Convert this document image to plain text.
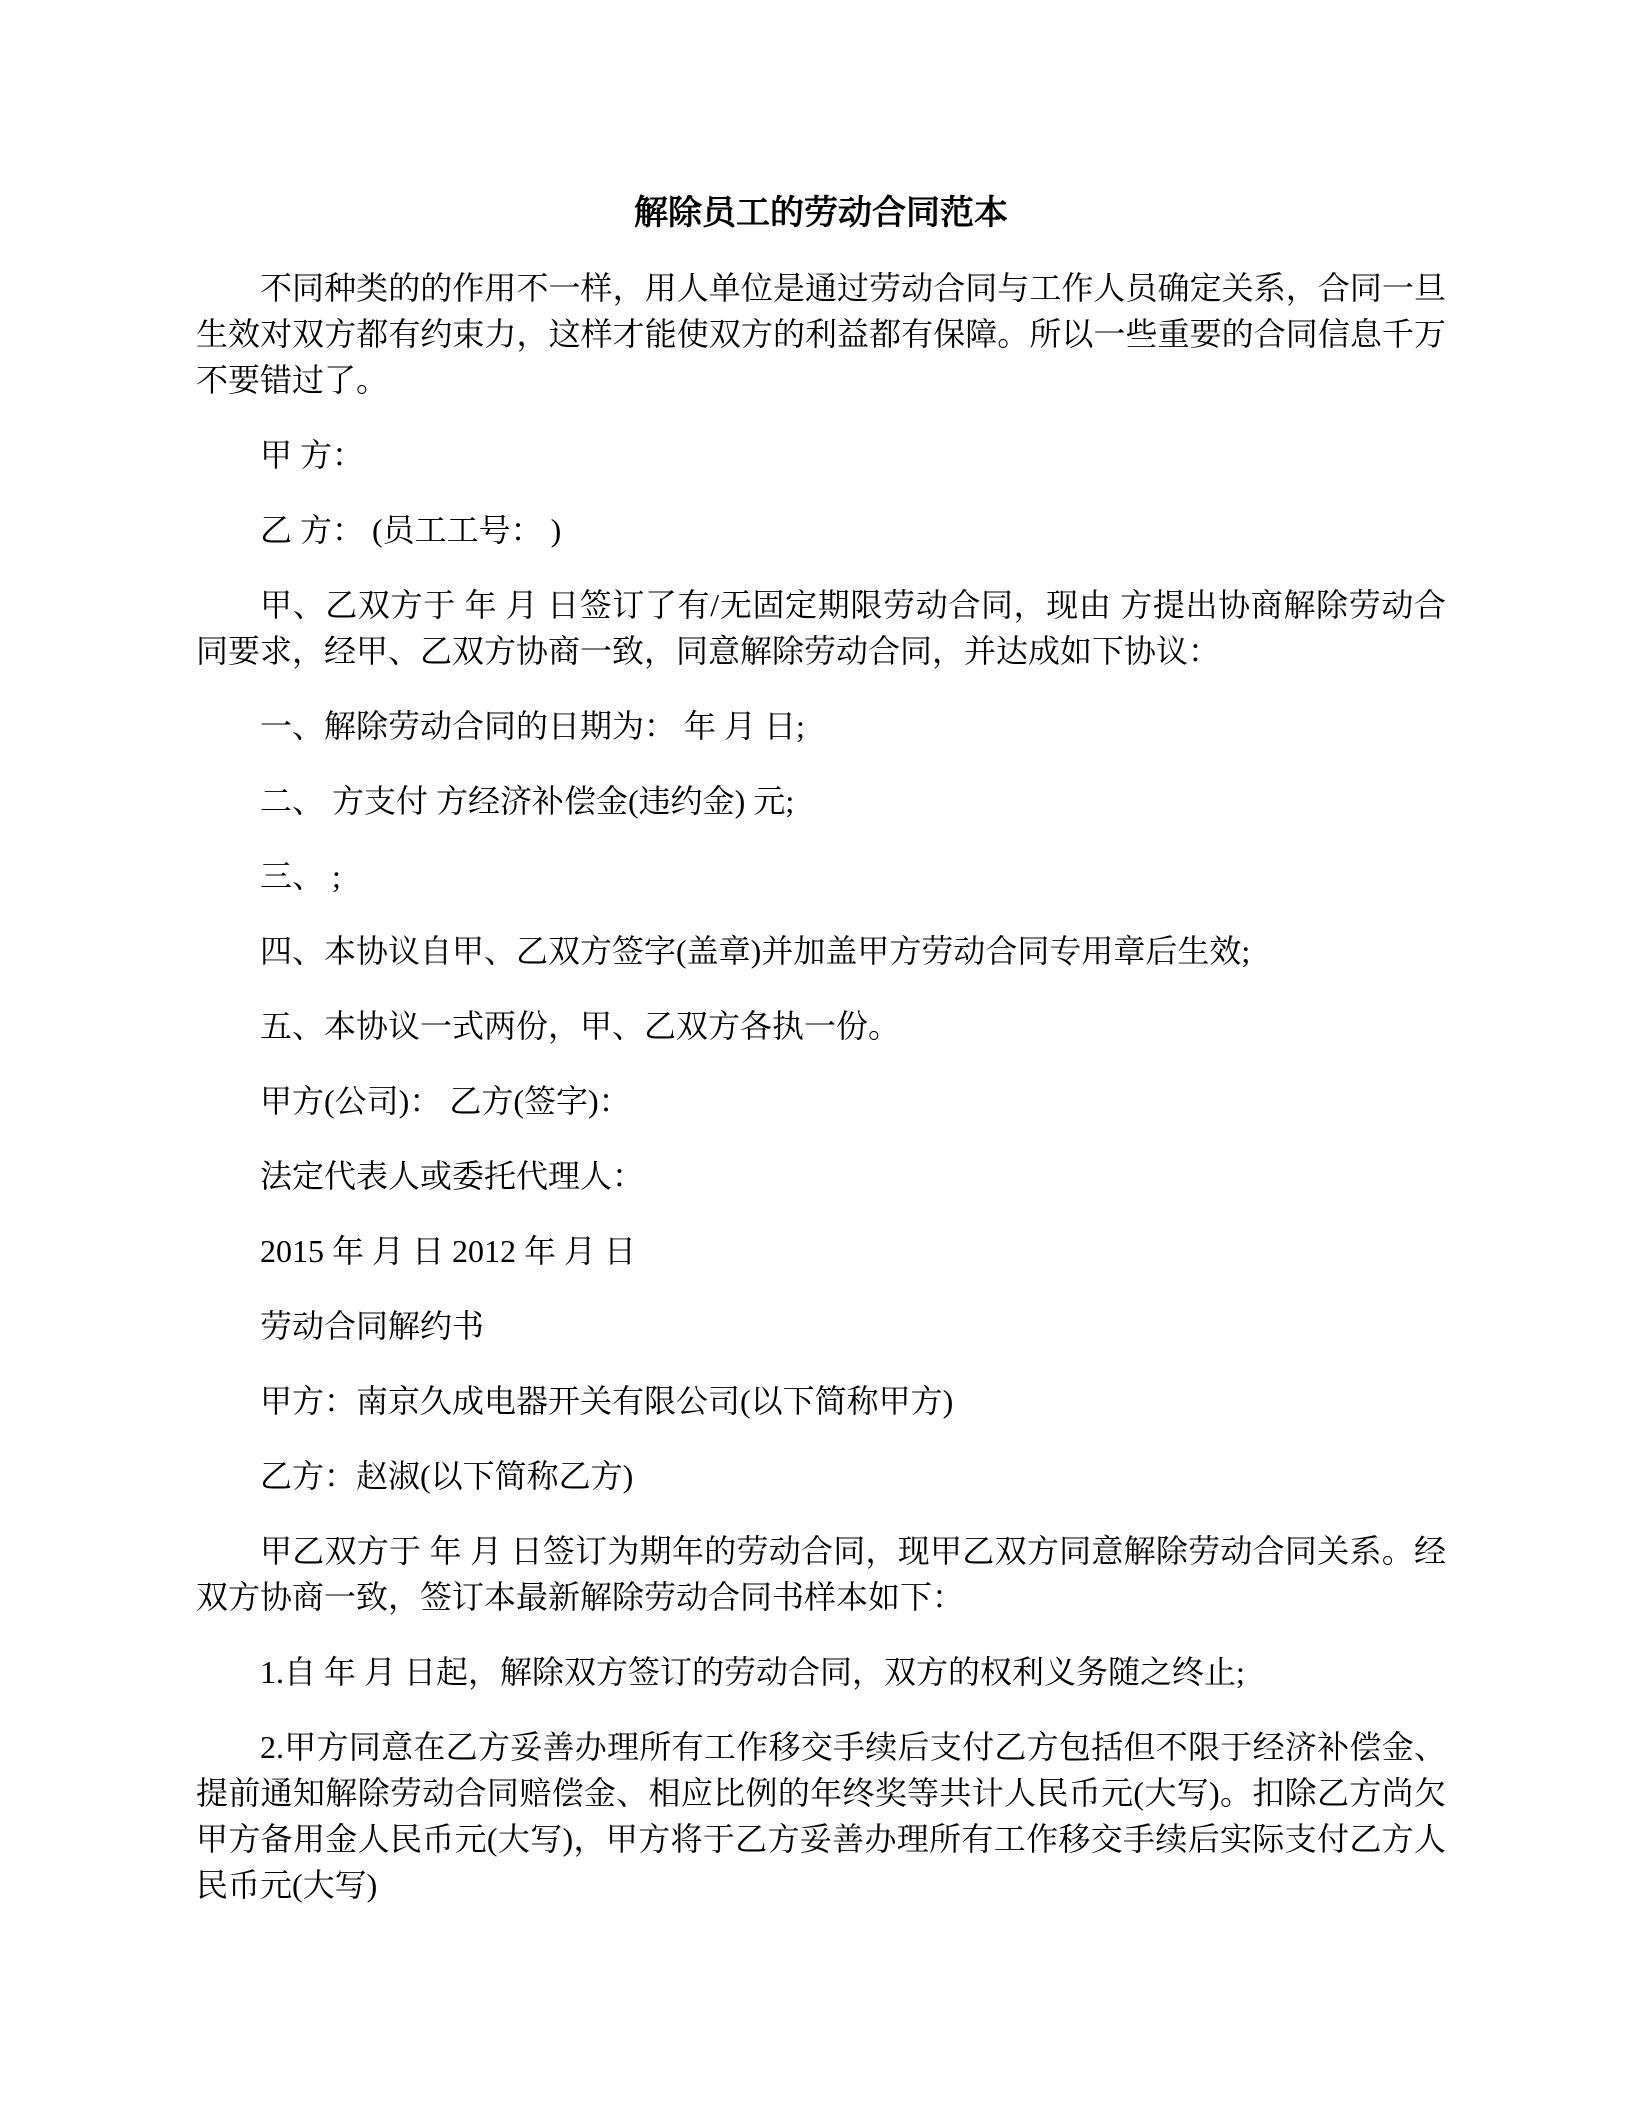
解除员工的劳动合同范本

不同种类的的作用不一样，用人单位是通过劳动合同与工作人员确定关系，合同一旦生效对双方都有约束力，这样才能使双方的利益都有保障。所以一些重要的合同信息千万不要错过了。

甲 方：

乙 方： (员工工号： )

甲、乙双方于 年 月 日签订了有/无固定期限劳动合同，现由 方提出协商解除劳动合同要求，经甲、乙双方协商一致，同意解除劳动合同，并达成如下协议：

一、解除劳动合同的日期为： 年 月 日;

二、 方支付 方经济补偿金(违约金) 元;

三、 ;

四、本协议自甲、乙双方签字(盖章)并加盖甲方劳动合同专用章后生效;

五、本协议一式两份，甲、乙双方各执一份。

甲方(公司)： 乙方(签字)：

法定代表人或委托代理人：

2015 年 月 日 2012 年 月 日

劳动合同解约书

甲方：南京久成电器开关有限公司(以下简称甲方)

乙方：赵淑(以下简称乙方)

甲乙双方于 年 月 日签订为期年的劳动合同，现甲乙双方同意解除劳动合同关系。经双方协商一致，签订本最新解除劳动合同书样本如下：

1.自 年 月 日起，解除双方签订的劳动合同，双方的权利义务随之终止;

2.甲方同意在乙方妥善办理所有工作移交手续后支付乙方包括但不限于经济补偿金、提前通知解除劳动合同赔偿金、相应比例的年终奖等共计人民币元(大写)。扣除乙方尚欠甲方备用金人民币元(大写)，甲方将于乙方妥善办理所有工作移交手续后实际支付乙方人民币元(大写)
